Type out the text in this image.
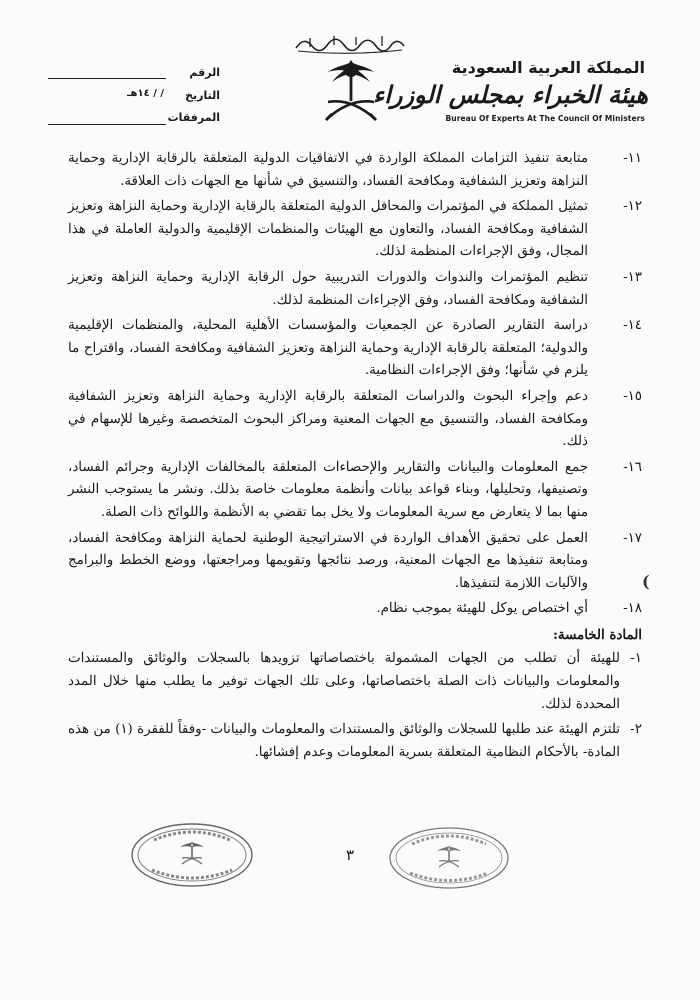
المملكة العربية السعودية
هيئة الخبراء بمجلس الوزراء
Bureau Of Experts At The Council Of Ministers
الرقم
التاريخ
/ / ١٤هـ
المرفقات
١١-
متابعة تنفيذ التزامات المملكة الواردة في الاتفاقيات الدولية المتعلقة بالرقابة الإدارية وحماية النزاهة وتعزيز الشفافية ومكافحة الفساد، والتنسيق في شأنها مع الجهات ذات العلاقة.
١٢-
تمثيل المملكة في المؤتمرات والمحافل الدولية المتعلقة بالرقابة الإدارية وحماية النزاهة وتعزيز الشفافية ومكافحة الفساد، والتعاون مع الهيئات والمنظمات الإقليمية والدولية العاملة في هذا المجال، وفق الإجراءات المنظمة لذلك.
١٣-
تنظيم المؤتمرات والندوات والدورات التدريبية حول الرقابة الإدارية وحماية النزاهة وتعزيز الشفافية ومكافحة الفساد، وفق الإجراءات المنظمة لذلك.
١٤-
دراسة التقارير الصادرة عن الجمعيات والمؤسسات الأهلية المحلية، والمنظمات الإقليمية والدولية؛ المتعلقة بالرقابة الإدارية وحماية النزاهة وتعزيز الشفافية ومكافحة الفساد، واقتراح ما يلزم في شأنها؛ وفق الإجراءات النظامية.
١٥-
دعم وإجراء البحوث والدراسات المتعلقة بالرقابة الإدارية وحماية النزاهة وتعزيز الشفافية ومكافحة الفساد، والتنسيق مع الجهات المعنية ومراكز البحوث المتخصصة وغيرها للإسهام في ذلك.
١٦-
جمع المعلومات والبيانات والتقارير والإحصاءات المتعلقة بالمخالفات الإدارية وجرائم الفساد، وتصنيفها، وتحليلها، وبناء قواعد بيانات وأنظمة معلومات خاصة بذلك. ونشر ما يستوجب النشر منها بما لا يتعارض مع سرية المعلومات ولا يخل بما تقضي به الأنظمة واللوائح ذات الصلة.
١٧-
العمل على تحقيق الأهداف الواردة في الاستراتيجية الوطنية لحماية النزاهة ومكافحة الفساد، ومتابعة تنفيذها مع الجهات المعنية، ورصد نتائجها وتقويمها ومراجعتها، ووضع الخطط والبرامج والآليات اللازمة لتنفيذها.
١٨-
أي اختصاص يوكل للهيئة بموجب نظام.
المادة الخامسة:
١-
للهيئة أن تطلب من الجهات المشمولة باختصاصاتها تزويدها بالسجلات والوثائق والمستندات والمعلومات والبيانات ذات الصلة باختصاصاتها، وعلى تلك الجهات توفير ما يطلب منها خلال المدد المحددة لذلك.
٢-
تلتزم الهيئة عند طلبها للسجلات والوثائق والمستندات والمعلومات والبيانات -وفقاً للفقرة (١) من هذه المادة- بالأحكام النظامية المتعلقة بسرية المعلومات وعدم إفشائها.
(
٣
